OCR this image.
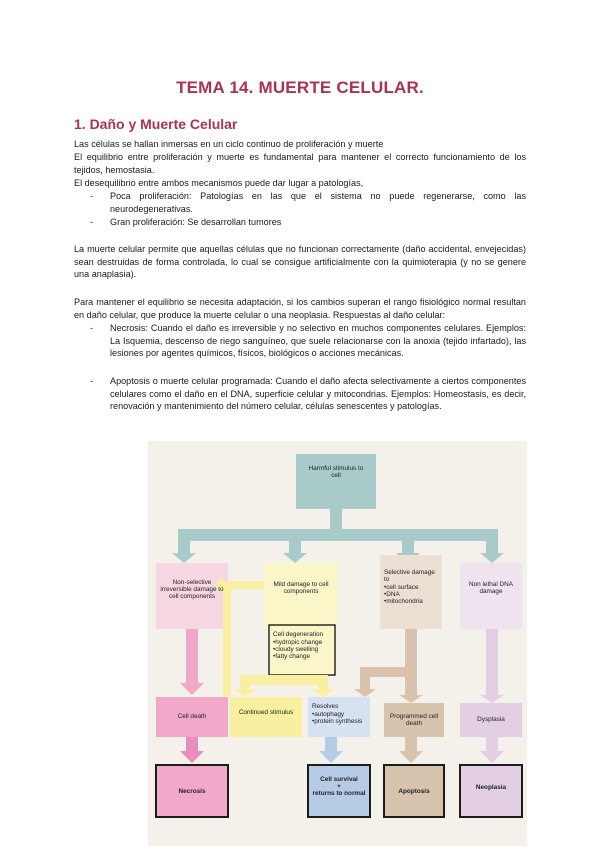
TEMA 14. MUERTE CELULAR.
1. Daño y Muerte Celular
Las células se hallan inmersas en un ciclo continuo de proliferación y muerte
El equilibrio entre proliferación y muerte es fundamental para mantener el correcto funcionamiento de los tejidos, hemostasia.
El desequilibrio entre ambos mecanismos puede dar lugar a patologías,
- Poca proliferación: Patologías en las que el sistema no puede regenerarse, como las neurodegenerativas.
- Gran proliferación: Se desarrollan tumores
La muerte celular permite que aquellas células que no funcionan correctamente (daño accidental, envejecidas) sean destruidas de forma controlada, lo cual se consigue artificialmente con la quimioterapia (y no se genere una anaplasia).
Para mantener el equilibrio se necesita adaptación, si los cambios superan el rango fisiológico normal resultan en daño celular, que produce la muerte celular o una neoplasia. Respuestas al daño celular:
- Necrosis: Cuando el daño es irreversible y no selectivo en muchos componentes celulares. Ejemplos: La Isquemia, descenso de riego sanguíneo, que suele relacionarse con la anoxia (tejido infartado), las lesiones por agentes químicos, físicos, biológicos o acciones mecánicas.
- Apoptosis o muerte celular programada: Cuando el daño afecta selectivamente a ciertos componentes celulares como el daño en el DNA, superficie celular y mitocondrias. Ejemplos: Homeostasis, es decir, renovación y mantenimiento del número celular, células senescentes y patologías.
Harmful stimulus to cell
Non-selective irreversible damage to cell components
Mild damage to cell components
Selective damage to
•cell surface
•DNA
•mitochondria
Non lethal DNA damage
Cell degeneration
•hydropic change
•cloudy swelling
•fatty change
Cell death
Continued stimulus
Resolves
•autophagy
•protein synthesis
Programmed cell death
Dysplasia
Necrosis
Cell survival
+
returns to normal	Apoptosis
Neoplasia
